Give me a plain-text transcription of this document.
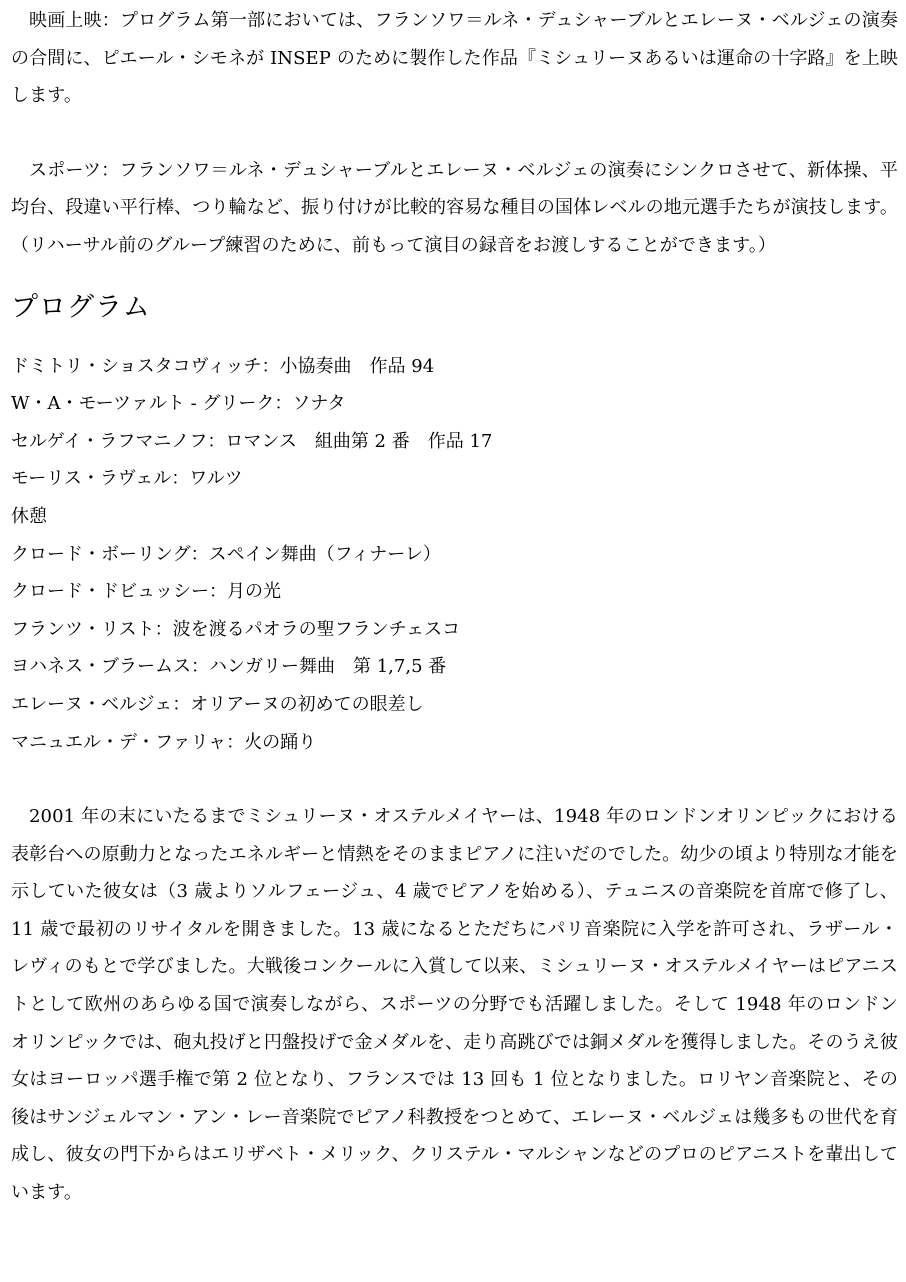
映画上映：プログラム第一部においては、フランソワ＝ルネ・デュシャーブルとエレーヌ・ベルジェの演奏の合間に、ピエール・シモネが INSEP のために製作した作品『ミシュリーヌあるいは運命の十字路』を上映します。

スポーツ：フランソワ＝ルネ・デュシャーブルとエレーヌ・ベルジェの演奏にシンクロさせて、新体操、平均台、段違い平行棒、つり輪など、振り付けが比較的容易な種目の国体レベルの地元選手たちが演技します。（リハーサル前のグループ練習のために、前もって演目の録音をお渡しすることができます。）

プログラム
ドミトリ・ショスタコヴィッチ：小協奏曲　作品 94
W・A・モーツァルト - グリーク：ソナタ
セルゲイ・ラフマニノフ：ロマンス　組曲第 2 番　作品 17
モーリス・ラヴェル：ワルツ
休憩
クロード・ボーリング：スペイン舞曲（フィナーレ）
クロード・ドビュッシー：月の光
フランツ・リスト：波を渡るパオラの聖フランチェスコ
ヨハネス・ブラームス：ハンガリー舞曲　第 1,7,5 番
エレーヌ・ベルジェ：オリアーヌの初めての眼差し
マニュエル・デ・ファリャ：火の踊り

2001 年の末にいたるまでミシュリーヌ・オステルメイヤーは、1948 年のロンドンオリンピックにおける表彰台への原動力となったエネルギーと情熱をそのままピアノに注いだのでした。幼少の頃より特別な才能を示していた彼女は（3 歳よりソルフェージュ、4 歳でピアノを始める）、テュニスの音楽院を首席で修了し、11 歳で最初のリサイタルを開きました。13 歳になるとただちにパリ音楽院に入学を許可され、ラザール・レヴィのもとで学びました。大戦後コンクールに入賞して以来、ミシュリーヌ・オステルメイヤーはピアニストとして欧州のあらゆる国で演奏しながら、スポーツの分野でも活躍しました。そして 1948 年のロンドンオリンピックでは、砲丸投げと円盤投げで金メダルを、走り高跳びでは銅メダルを獲得しました。そのうえ彼女はヨーロッパ選手権で第 2 位となり、フランスでは 13 回も 1 位となりました。ロリヤン音楽院と、その後はサンジェルマン・アン・レー音楽院でピアノ科教授をつとめて、エレーヌ・ベルジェは幾多もの世代を育成し、彼女の門下からはエリザベト・メリック、クリステル・マルシャンなどのプロのピアニストを輩出しています。
